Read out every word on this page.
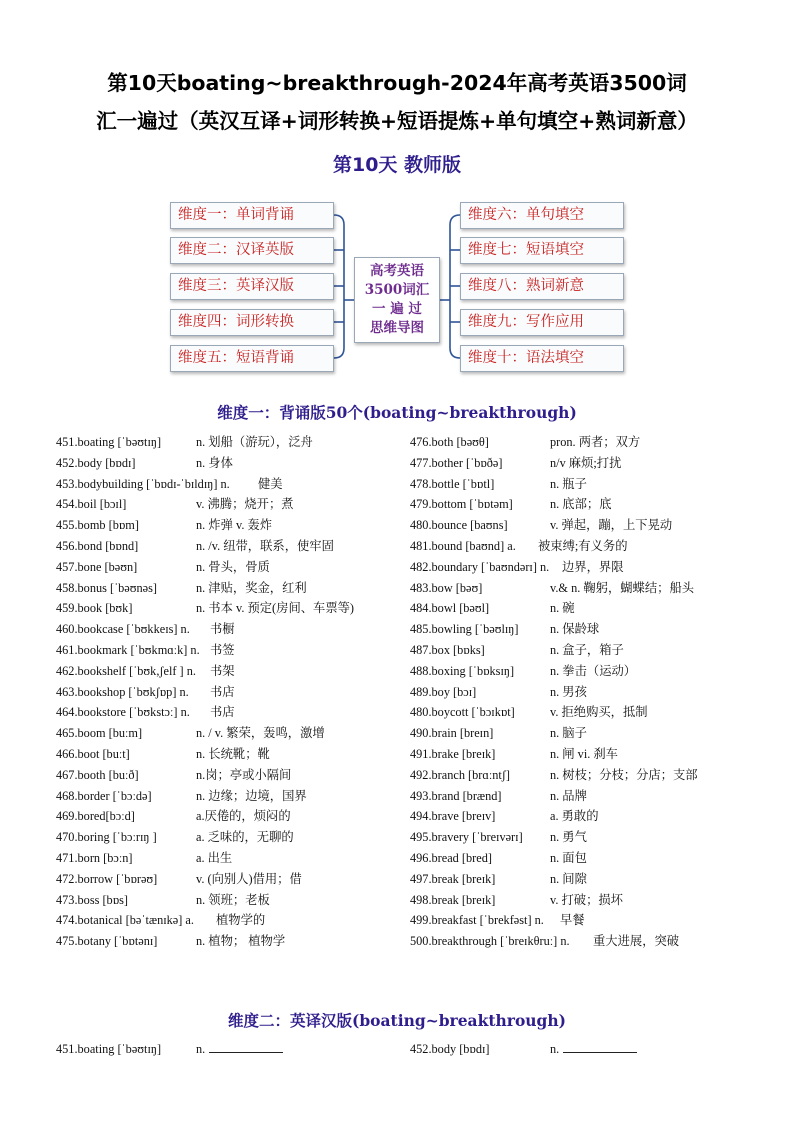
第10天boating~breakthrough-2024年高考英语3500词
汇一遍过（英汉互译+词形转换+短语提炼+单句填空+熟词新意）
第10天 教师版
维度一：单词背诵
维度二：汉译英版
维度三：英译汉版
维度四：词形转换
维度五：短语背诵
维度六：单句填空
维度七：短语填空
维度八：熟词新意
维度九：写作应用
维度十：语法填空
高考英语
3500词汇
一 遍 过
思维导图
维度一：背诵版50个(boating~breakthrough)
451.boating [ˈbəʊtɪŋ]	n. 划船（游玩），泛舟
452.body [bɒdɪ]	n. 身体
453.bodybuilding [ˈbɒdɪ-ˈbɪldɪŋ] n. 健美
454.boil [bɔɪl]	v. 沸腾；烧开；煮
455.bomb [bɒm]	n. 炸弹 v. 轰炸
456.bond [bɒnd]	n. /v. 纽带，联系，使牢固
457.bone [bəʊn]	n. 骨头，骨质
458.bonus [ˈbəʊnəs]	n. 津贴，奖金，红利
459.book [bʊk]	n. 书本 v. 预定(房间、车票等)
460.bookcase [ˈbʊkkeɪs] n. 书橱
461.bookmark [ˈbʊkmɑːk] n. 书签
462.bookshelf [ˈbʊk,ʃelf ] n. 书架
463.bookshop [ˈbʊkʃɒp] n. 书店
464.bookstore [ˈbʊkstɔː] n. 书店
465.boom [buːm]	n. / v. 繁荣，轰鸣，激增
466.boot [buːt]	n. 长统靴；靴
467.booth [buːð]	n.岗；亭或小隔间
468.border [ˈbɔːdə]	n. 边缘；边境，国界
469.bored[bɔːd]	a.厌倦的，烦闷的
470.boring [ˈbɔːrɪŋ ]	a. 乏味的，无聊的
471.born [bɔːn]	a. 出生
472.borrow [ˈbɒrəʊ]	v. (向别人)借用；借
473.boss [bɒs]	n. 领班；老板
474.botanical [bəˈtænɪkə] a. 植物学的
475.botany [ˈbɒtənɪ]	n. 植物； 植物学
476.both [bəʊθ]	pron. 两者；双方
477.bother [ˈbɒðə]	n/v 麻烦;打扰
478.bottle [ˈbɒtl]	n. 瓶子
479.bottom [ˈbɒtəm]	n. 底部；底
480.bounce [baʊns]	v. 弹起，蹦，上下晃动
481.bound [baʊnd] a. 被束缚;有义务的
482.boundary [ˈbaʊndərɪ] n. 边界，界限
483.bow [bəʊ]	v.& n. 鞠躬，蝴蝶结；船头
484.bowl [bəʊl]	n. 碗
485.bowling [ˈbəʊlɪŋ]	n. 保龄球
487.box [bɒks]	n. 盒子，箱子
488.boxing [ˈbɒksɪŋ]	n. 拳击（运动）
489.boy [bɔɪ]	n. 男孩
480.boycott [ˈbɔɪkɒt]	v. 拒绝购买，抵制
490.brain [breɪn]	n. 脑子
491.brake [breɪk]	n. 闸 vi. 刹车
492.branch [brɑːntʃ]	n. 树枝；分枝；分店；支部
493.brand [brænd]	n. 品牌
494.brave [breɪv]	a. 勇敢的
495.bravery [ˈbreɪvərɪ] n. 勇气
496.bread [bred]	n. 面包
497.break [breɪk]	n. 间隙
498.break [breɪk]	v. 打破；损坏
499.breakfast [ˈbrekfəst] n. 早餐
500.breakthrough [ˈbreɪkθruː] n. 重大进展，突破
维度二：英译汉版(boating~breakthrough)
451.boating [ˈbəʊtɪŋ]	n.	452.body [bɒdɪ]	n.
